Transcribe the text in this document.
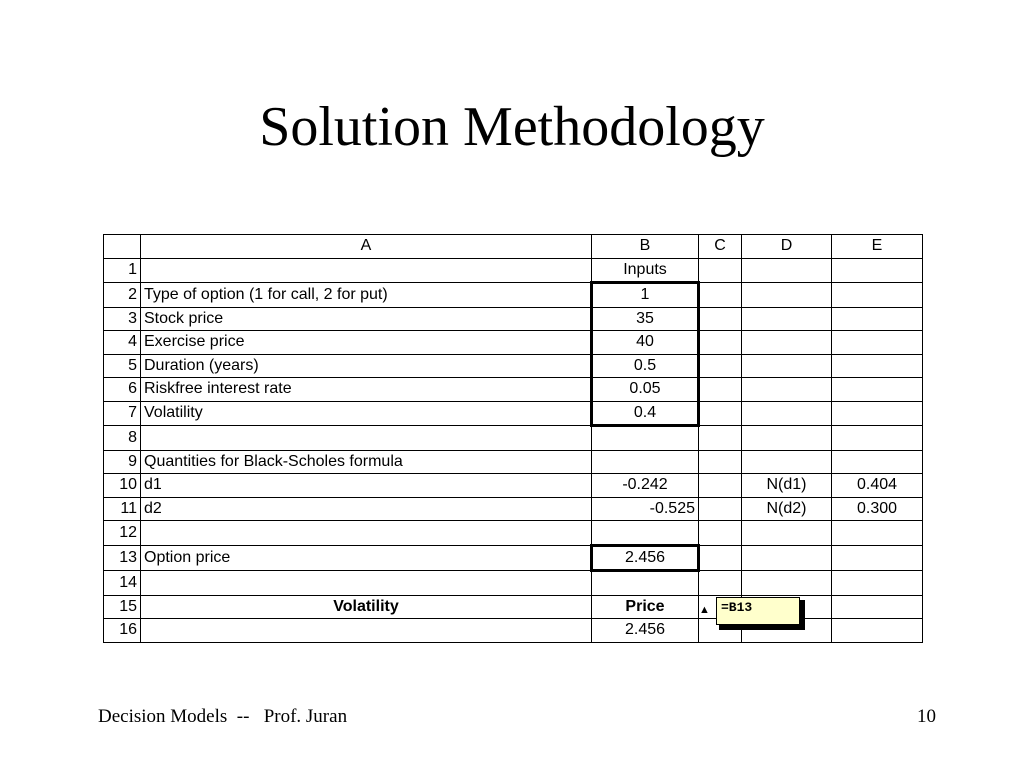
Solution Methodology
	A	B	C	D	E
1		Inputs			
2	Type of option (1 for call, 2 for put)	1			
3	Stock price	35			
4	Exercise price	40			
5	Duration (years)	0.5			
6	Riskfree interest rate	0.05			
7	Volatility	0.4			
8					
9	Quantities for Black-Scholes formula				
10	d1	-0.242		N(d1)	0.404
11	d2	-0.525		N(d2)	0.300
12					
13	Option price	2.456			
14					
15	Volatility	Price			
16		2.456			
▲ =B13
Decision Models  --   Prof. Juran	10
